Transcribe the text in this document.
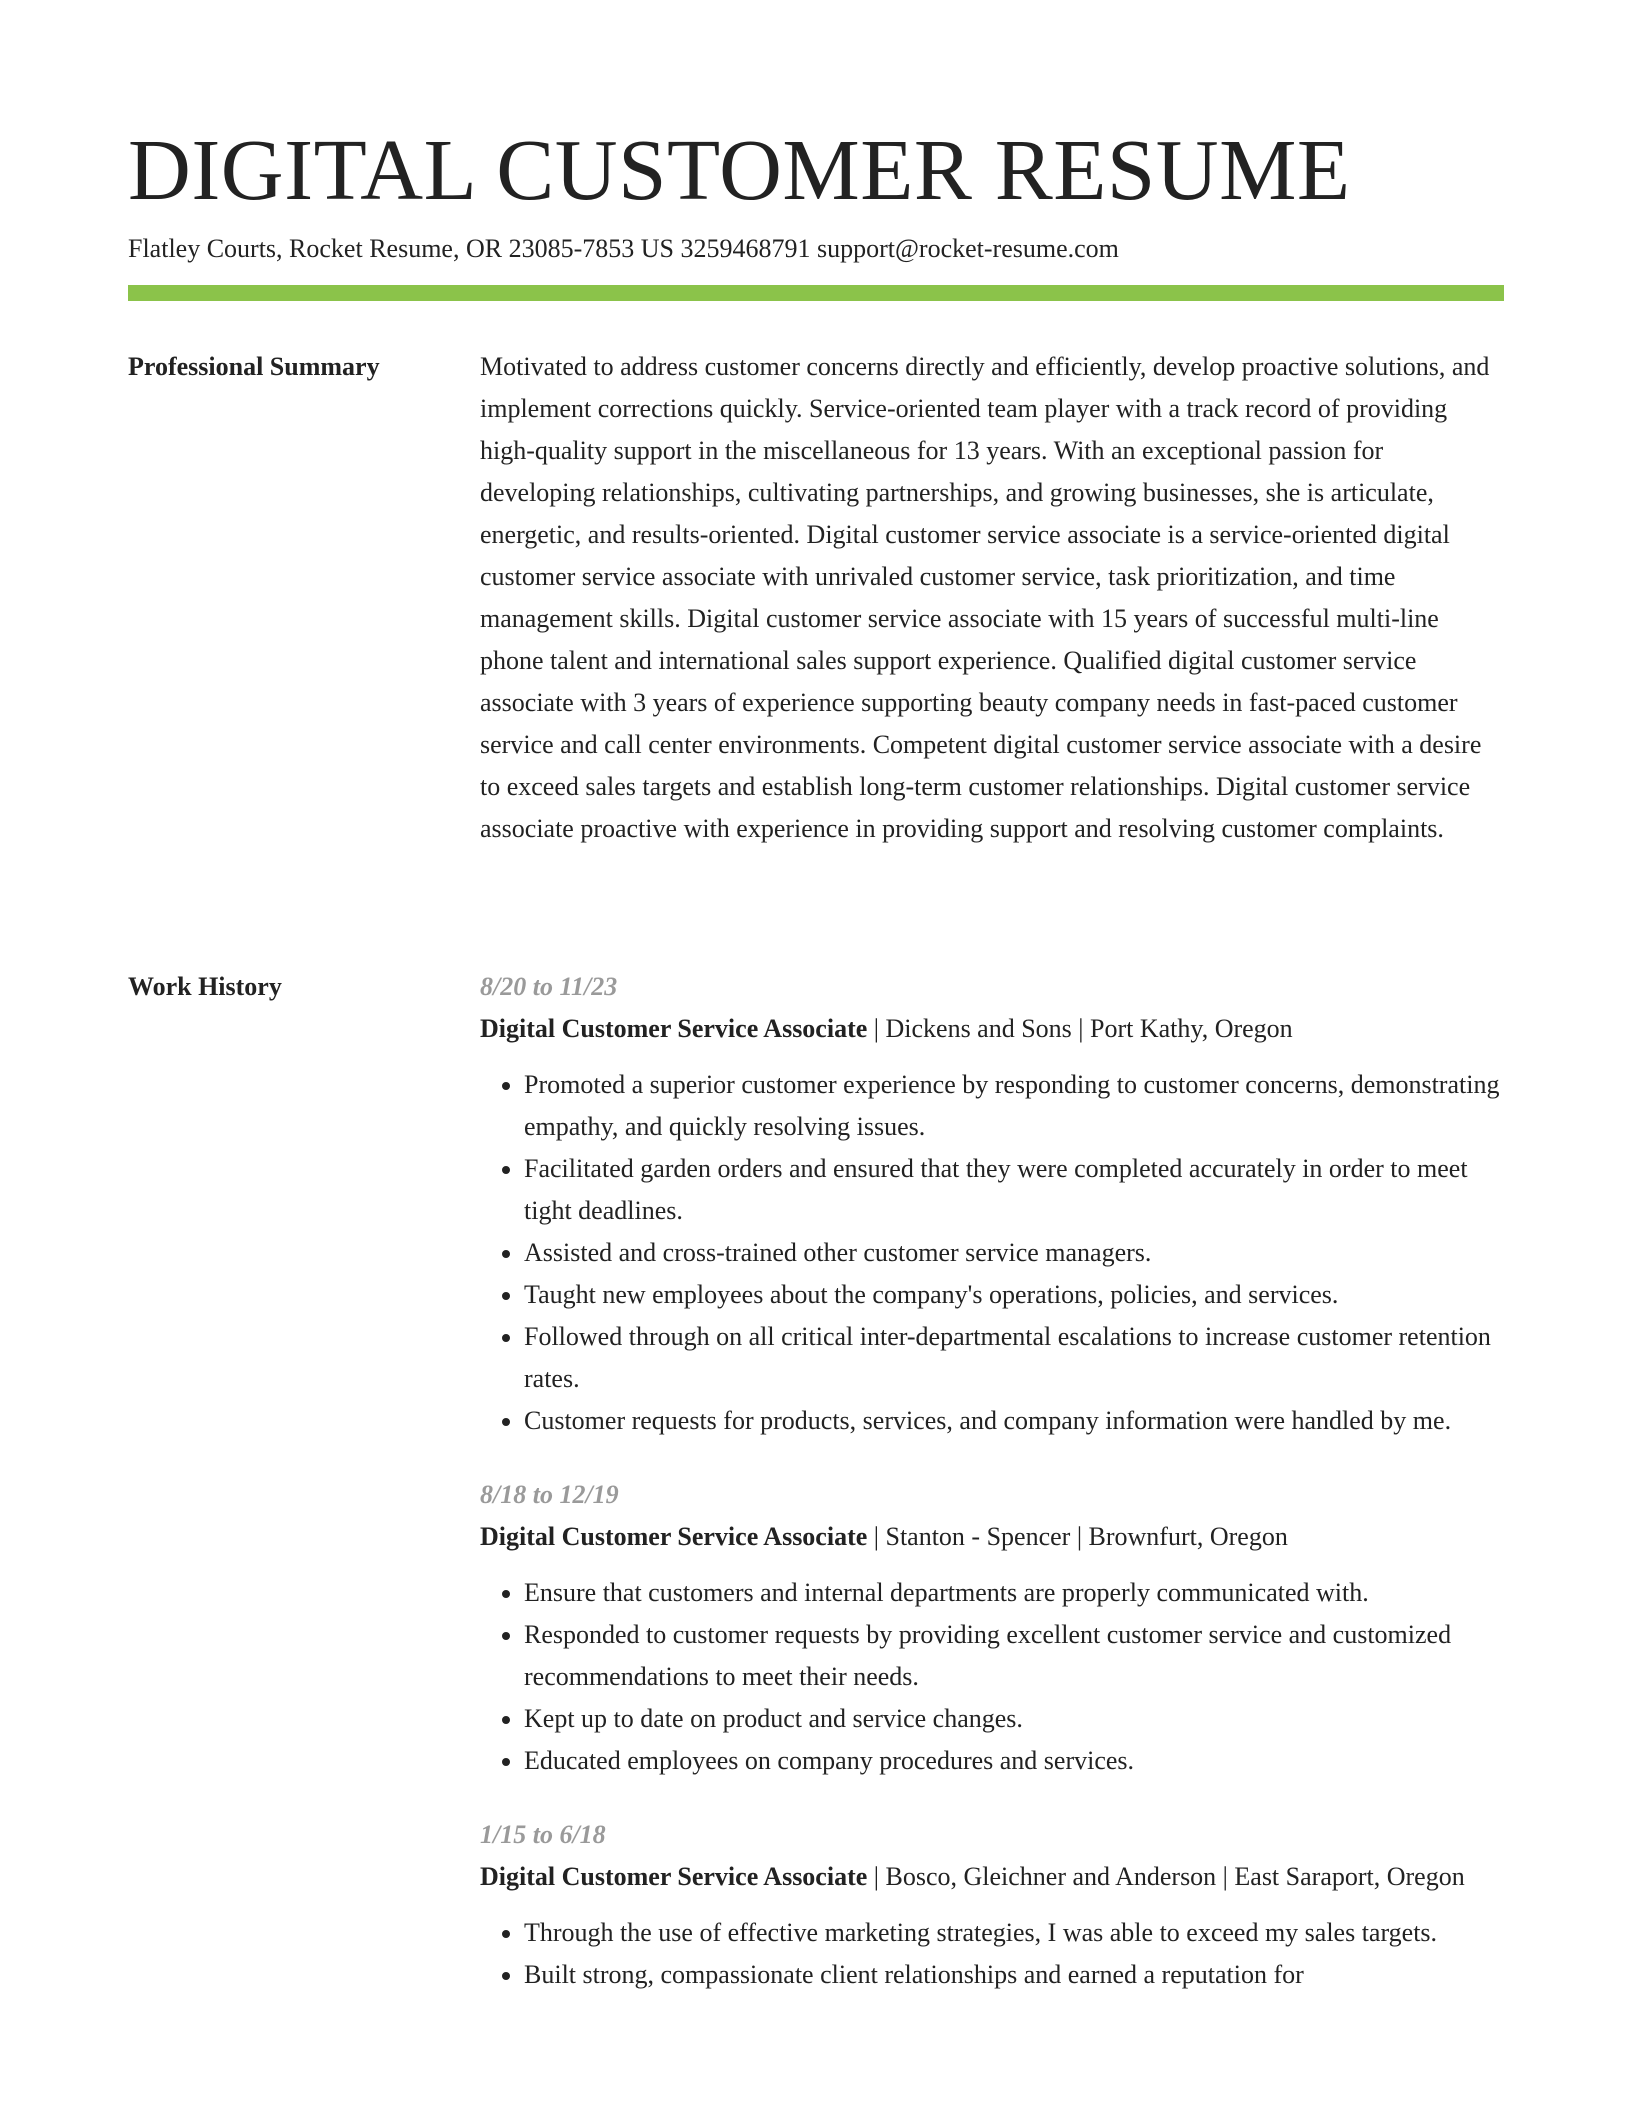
DIGITAL CUSTOMER RESUME
Flatley Courts, Rocket Resume, OR 23085-7853 US 3259468791 support@rocket-resume.com
Professional Summary	Motivated to address customer concerns directly and efficiently, develop proactive solutions, and implement corrections quickly. Service-oriented team player with a track record of providing high-quality support in the miscellaneous for 13 years. With an exceptional passion for developing relationships, cultivating partnerships, and growing businesses, she is articulate, energetic, and results-oriented. Digital customer service associate is a service-oriented digital customer service associate with unrivaled customer service, task prioritization, and time management skills. Digital customer service associate with 15 years of successful multi-line phone talent and international sales support experience. Qualified digital customer service associate with 3 years of experience supporting beauty company needs in fast-paced customer service and call center environments. Competent digital customer service associate with a desire to exceed sales targets and establish long-term customer relationships. Digital customer service associate proactive with experience in providing support and resolving customer complaints.

Work History	8/20 to 11/23

Digital Customer Service Associate | Dickens and Sons | Port Kathy, Oregon

• Promoted a superior customer experience by responding to customer concerns, demonstrating empathy, and quickly resolving issues.
• Facilitated garden orders and ensured that they were completed accurately in order to meet tight deadlines.
• Assisted and cross-trained other customer service managers.
• Taught new employees about the company's operations, policies, and services.
• Followed through on all critical inter-departmental escalations to increase customer retention rates.
• Customer requests for products, services, and company information were handled by me.

8/18 to 12/19

Digital Customer Service Associate | Stanton - Spencer | Brownfurt, Oregon

• Ensure that customers and internal departments are properly communicated with.
• Responded to customer requests by providing excellent customer service and customized recommendations to meet their needs.
• Kept up to date on product and service changes.
• Educated employees on company procedures and services.

1/15 to 6/18

Digital Customer Service Associate | Bosco, Gleichner and Anderson | East Saraport, Oregon

• Through the use of effective marketing strategies, I was able to exceed my sales targets.
• Built strong, compassionate client relationships and earned a reputation for
